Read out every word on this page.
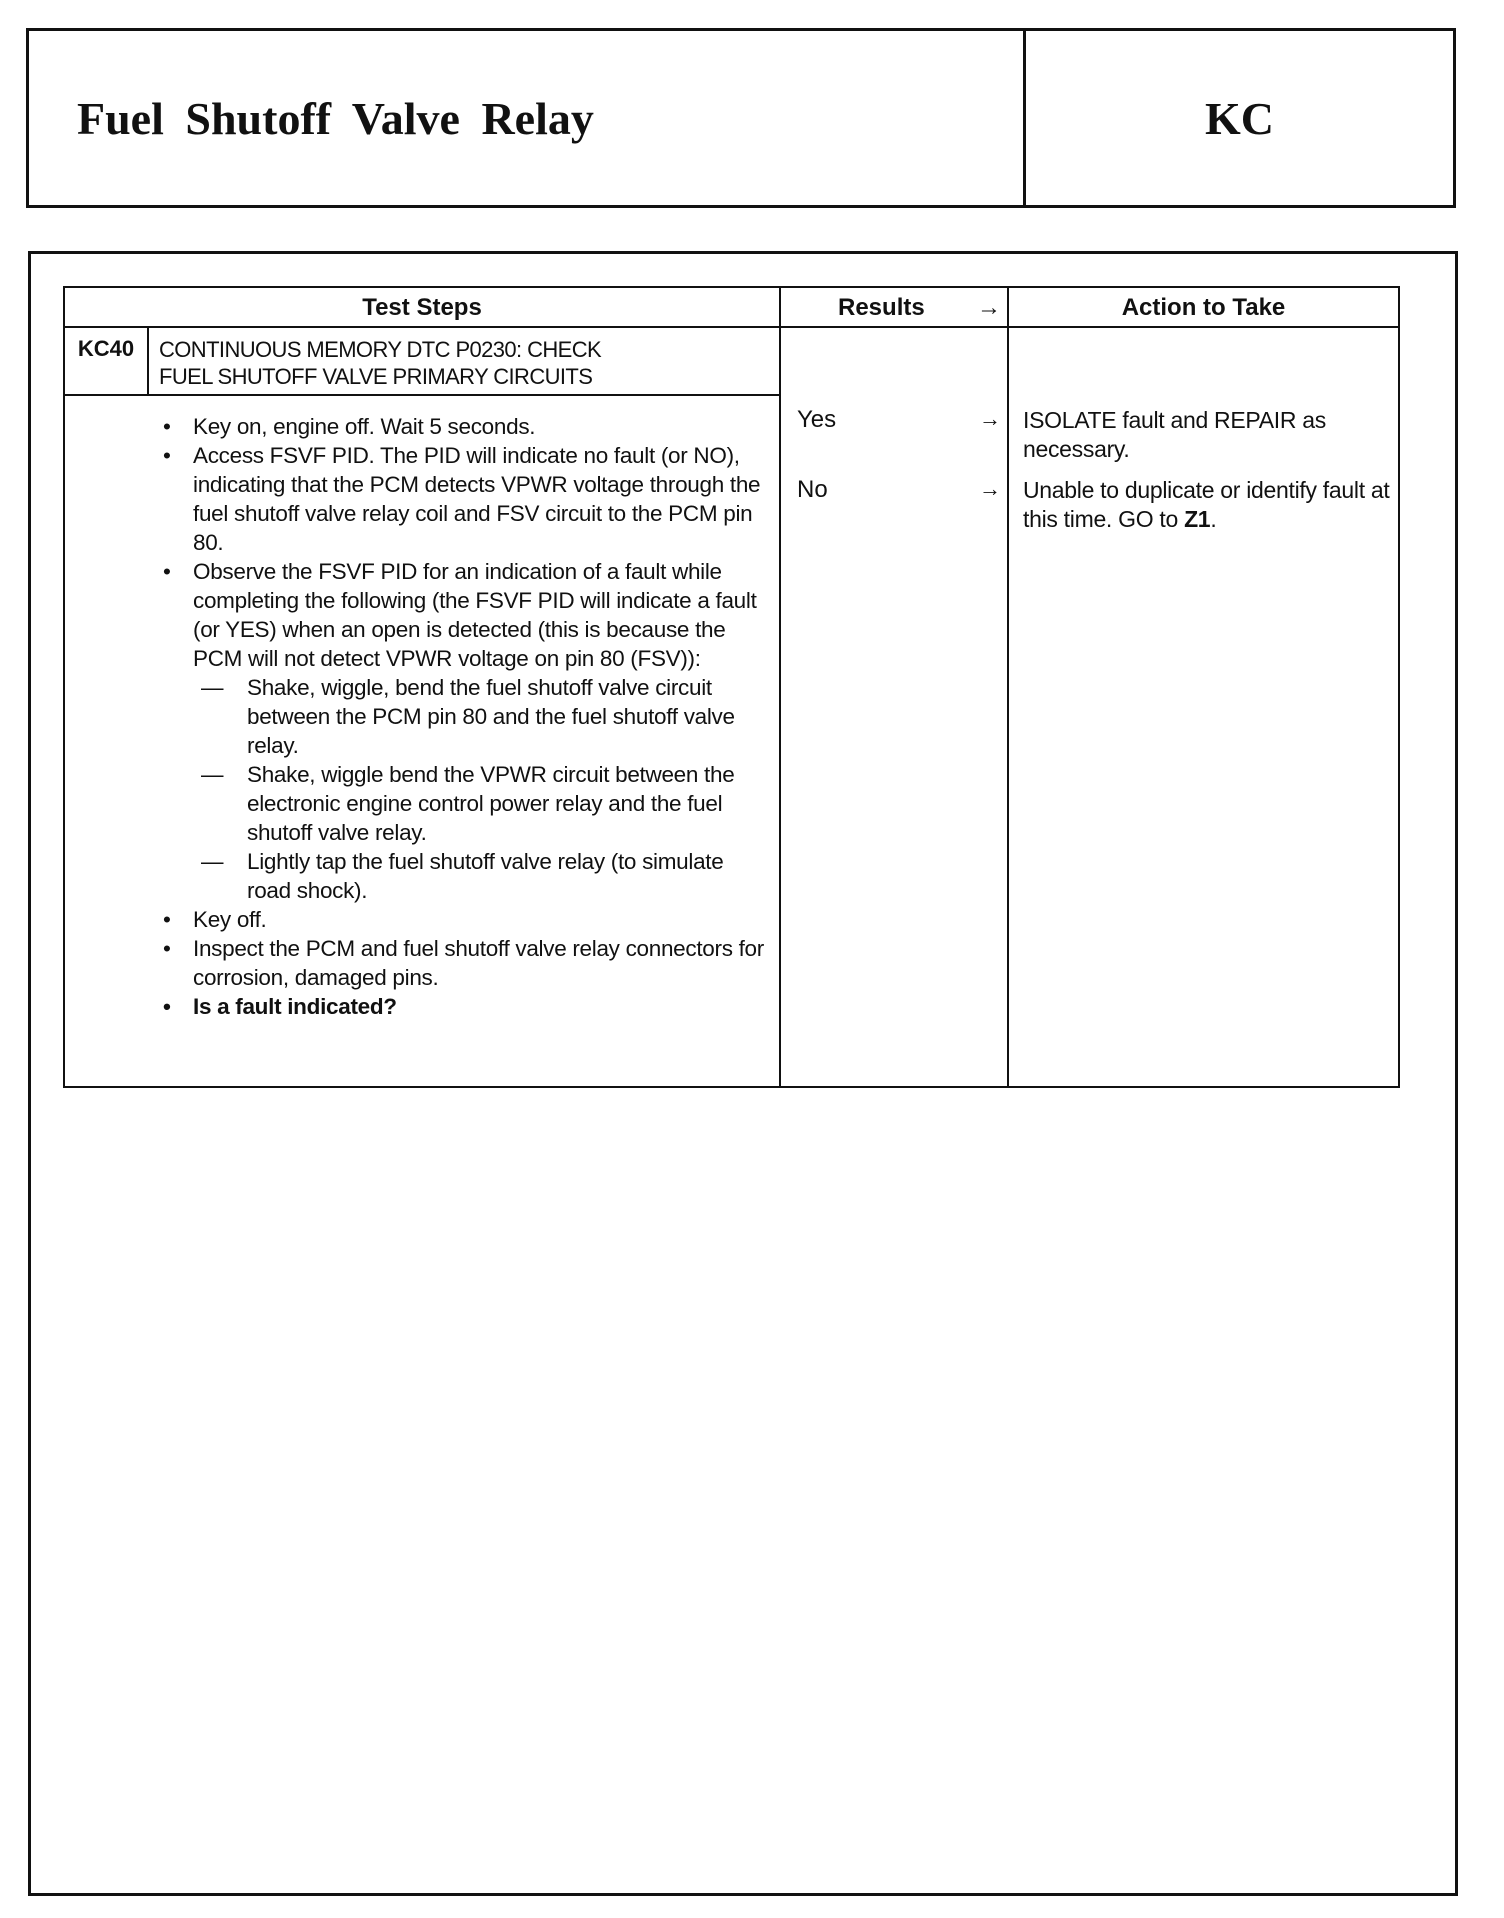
Fuel Shutoff Valve Relay	KC
Test Steps	Results →	Action to Take
KC40	CONTINUOUS MEMORY DTC P0230: CHECK
FUEL SHUTOFF VALVE PRIMARY CIRCUITS
• Key on, engine off. Wait 5 seconds.
• Access FSVF PID. The PID will indicate no fault (or NO), indicating that the PCM detects VPWR voltage through the fuel shutoff valve relay coil and FSV circuit to the PCM pin 80.
• Observe the FSVF PID for an indication of a fault while completing the following (the FSVF PID will indicate a fault (or YES) when an open is detected (this is because the PCM will not detect VPWR voltage on pin 80 (FSV)):
— Shake, wiggle, bend the fuel shutoff valve circuit between the PCM pin 80 and the fuel shutoff valve relay.
— Shake, wiggle bend the VPWR circuit between the electronic engine control power relay and the fuel shutoff valve relay.
— Lightly tap the fuel shutoff valve relay (to simulate road shock).
• Key off.
• Inspect the PCM and fuel shutoff valve relay connectors for corrosion, damaged pins.
• Is a fault indicated?
Yes	→ ISOLATE fault and REPAIR as necessary.
No	→ Unable to duplicate or identify fault at this time. GO to Z1.
